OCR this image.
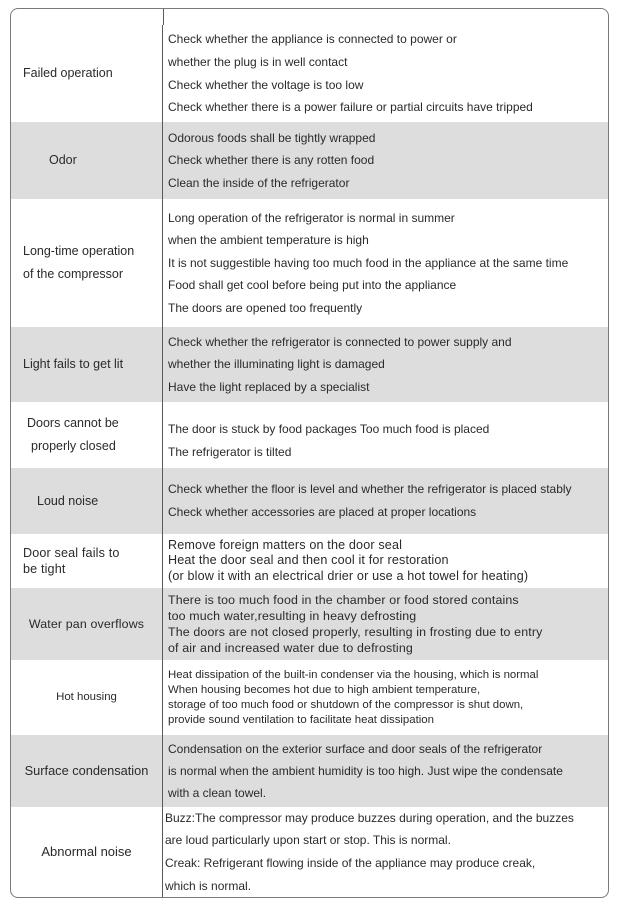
Failed operation
Check whether the appliance is connected to power or
whether the plug is in well contact
Check whether the voltage is too low
Check whether there is a power failure or partial circuits have tripped
Odor
Odorous foods shall be tightly wrapped
Check whether there is any rotten food
Clean the inside of the refrigerator
Long-time operation
of the compressor
Long operation of the refrigerator is normal in summer
when the ambient temperature is high
It is not suggestible having too much food in the appliance at the same time
Food shall get cool before being put into the appliance
The doors are opened too frequently
Light fails to get lit
Check whether the refrigerator is connected to power supply and
whether the illuminating light is damaged
Have the light replaced by a specialist
Doors cannot be
properly closed
The door is stuck by food packages Too much food is placed
The refrigerator is tilted
Loud noise
Check whether the floor is level and whether the refrigerator is placed stably
Check whether accessories are placed at proper locations
Door seal fails to
be tight
Remove foreign matters on the door seal
Heat the door seal and then cool it for restoration
(or blow it with an electrical drier or use a hot towel for heating)
Water pan overflows
There is too much food in the chamber or food stored contains
too much water,resulting in heavy defrosting
The doors are not closed properly, resulting in frosting due to entry
of air and increased water due to defrosting
Hot housing
Heat dissipation of the built-in condenser via the housing, which is normal
When housing becomes hot due to high ambient temperature,
storage of too much food or shutdown of the compressor is shut down,
provide sound ventilation to facilitate heat dissipation
Surface condensation
Condensation on the exterior surface and door seals of the refrigerator
is normal when the ambient humidity is too high. Just wipe the condensate
with a clean towel.
Abnormal noise
Buzz:The compressor may produce buzzes during operation, and the buzzes
are loud particularly upon start or stop. This is normal.
Creak: Refrigerant flowing inside of the appliance may produce creak,
which is normal.
